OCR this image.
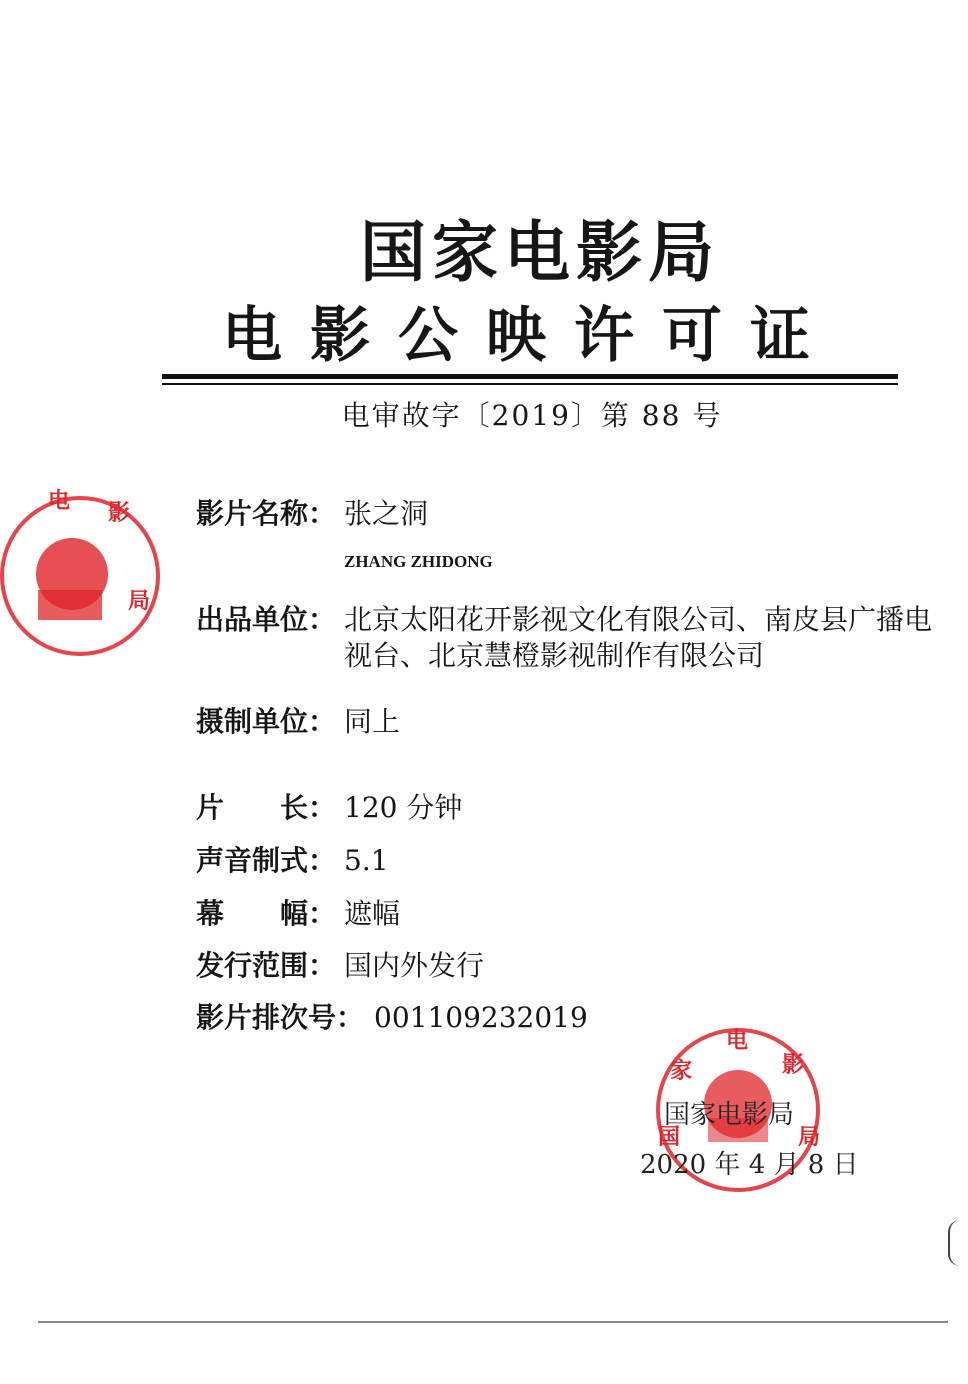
国家电影局
电影公映许可证
电审故字〔2019〕第 88 号
电 影
局
影片名称： 张之洞
ZHANG ZHIDONG
出品单位： 北京太阳花开影视文化有限公司、南皮县广播电
视台、北京慧橙影视制作有限公司
摄制单位： 同上
片　　长： 120 分钟
声音制式： 5.1
幕　　幅： 遮幅
发行范围： 国内外发行
影片排次号： 001109232019
电
影
家
国	局
国家电影局
2020 年 4 月 8 日
